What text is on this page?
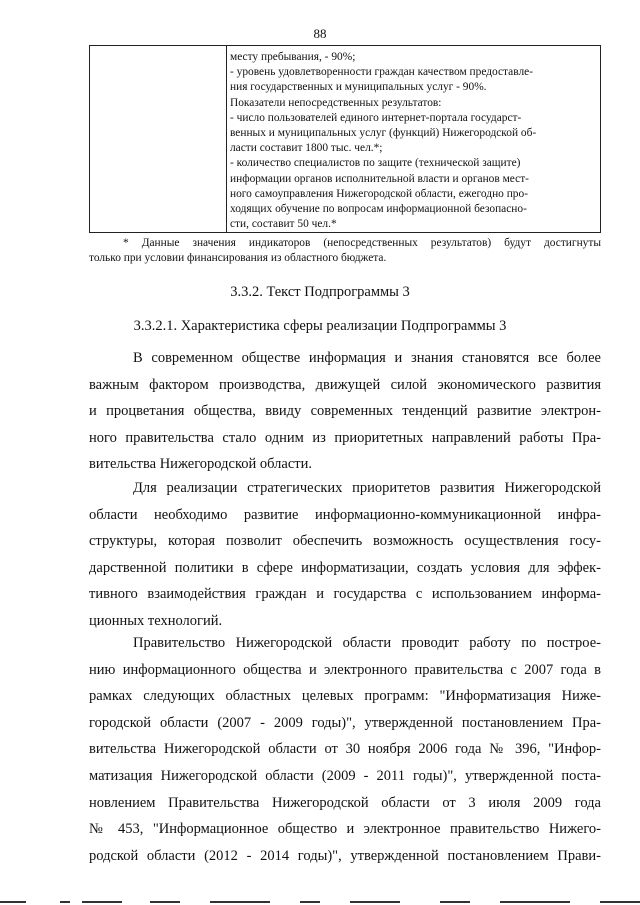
88
месту пребывания, - 90%;
- уровень удовлетворенности граждан качеством предоставле-
ния государственных и муниципальных услуг - 90%.
Показатели непосредственных результатов:
- число пользователей единого интернет-портала государст-
венных и муниципальных услуг (функций) Нижегородской об-
ласти составит 1800 тыс. чел.*;
- количество специалистов по защите (технической защите)
информации органов исполнительной власти и органов мест-
ного самоуправления Нижегородской области, ежегодно про-
ходящих обучение по вопросам информационной безопасно-
сти, составит 50 чел.*
* Данные значения индикаторов (непосредственных результатов) будут достигнуты
только при условии финансирования из областного бюджета.
3.3.2. Текст Подпрограммы 3
3.3.2.1. Характеристика сферы реализации Подпрограммы 3
В современном обществе информация и знания становятся все более
важным фактором производства, движущей силой экономического развития
и процветания общества, ввиду современных тенденций развитие электрон-
ного правительства стало одним из приоритетных направлений работы Пра-
вительства Нижегородской области.
Для реализации стратегических приоритетов развития Нижегородской
области необходимо развитие информационно-коммуникационной инфра-
структуры, которая позволит обеспечить возможность осуществления госу-
дарственной политики в сфере информатизации, создать условия для эффек-
тивного взаимодействия граждан и государства с использованием информа-
ционных технологий.
Правительство Нижегородской области проводит работу по построе-
нию информационного общества и электронного правительства с 2007 года в
рамках следующих областных целевых программ: "Информатизация Ниже-
городской области (2007 - 2009 годы)", утвержденной постановлением Пра-
вительства Нижегородской области от 30 ноября 2006 года № 396, "Инфор-
матизация Нижегородской области (2009 - 2011 годы)", утвержденной поста-
новлением Правительства Нижегородской области от 3 июля 2009 года
№ 453, "Информационное общество и электронное правительство Нижего-
родской области (2012 - 2014 годы)", утвержденной постановлением Прави-
